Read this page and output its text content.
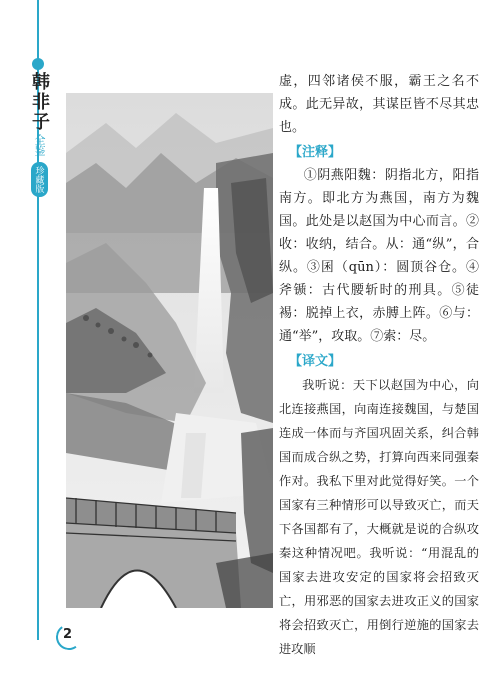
韩非子
全鉴
珍藏版

虚，四邻诸侯不服，霸王之名不成。此无异故，其谋臣皆不尽其忠也。

【注释】

①阴燕阳魏：阴指北方，阳指南方。即北方为燕国，南方为魏国。此处是以赵国为中心而言。②收：收纳，结合。从：通“纵”，合纵。③囷（qūn）：圆顶谷仓。④斧锧：古代腰斩时的刑具。⑤徒裼：脱掉上衣，赤膊上阵。⑥与：通“举”，攻取。⑦索：尽。

【译文】

我听说：天下以赵国为中心，向北连接燕国，向南连接魏国，与楚国连成一体而与齐国巩固关系，纠合韩国而成合纵之势，打算向西来同强秦作对。我私下里对此觉得好笑。一个国家有三种情形可以导致灭亡，而天下各国都有了，大概就是说的合纵攻秦这种情况吧。我听说：“用混乱的国家去进攻安定的国家将会招致灭亡，用邪恶的国家去进攻正义的国家将会招致灭亡，用倒行逆施的国家去进攻顺

2
